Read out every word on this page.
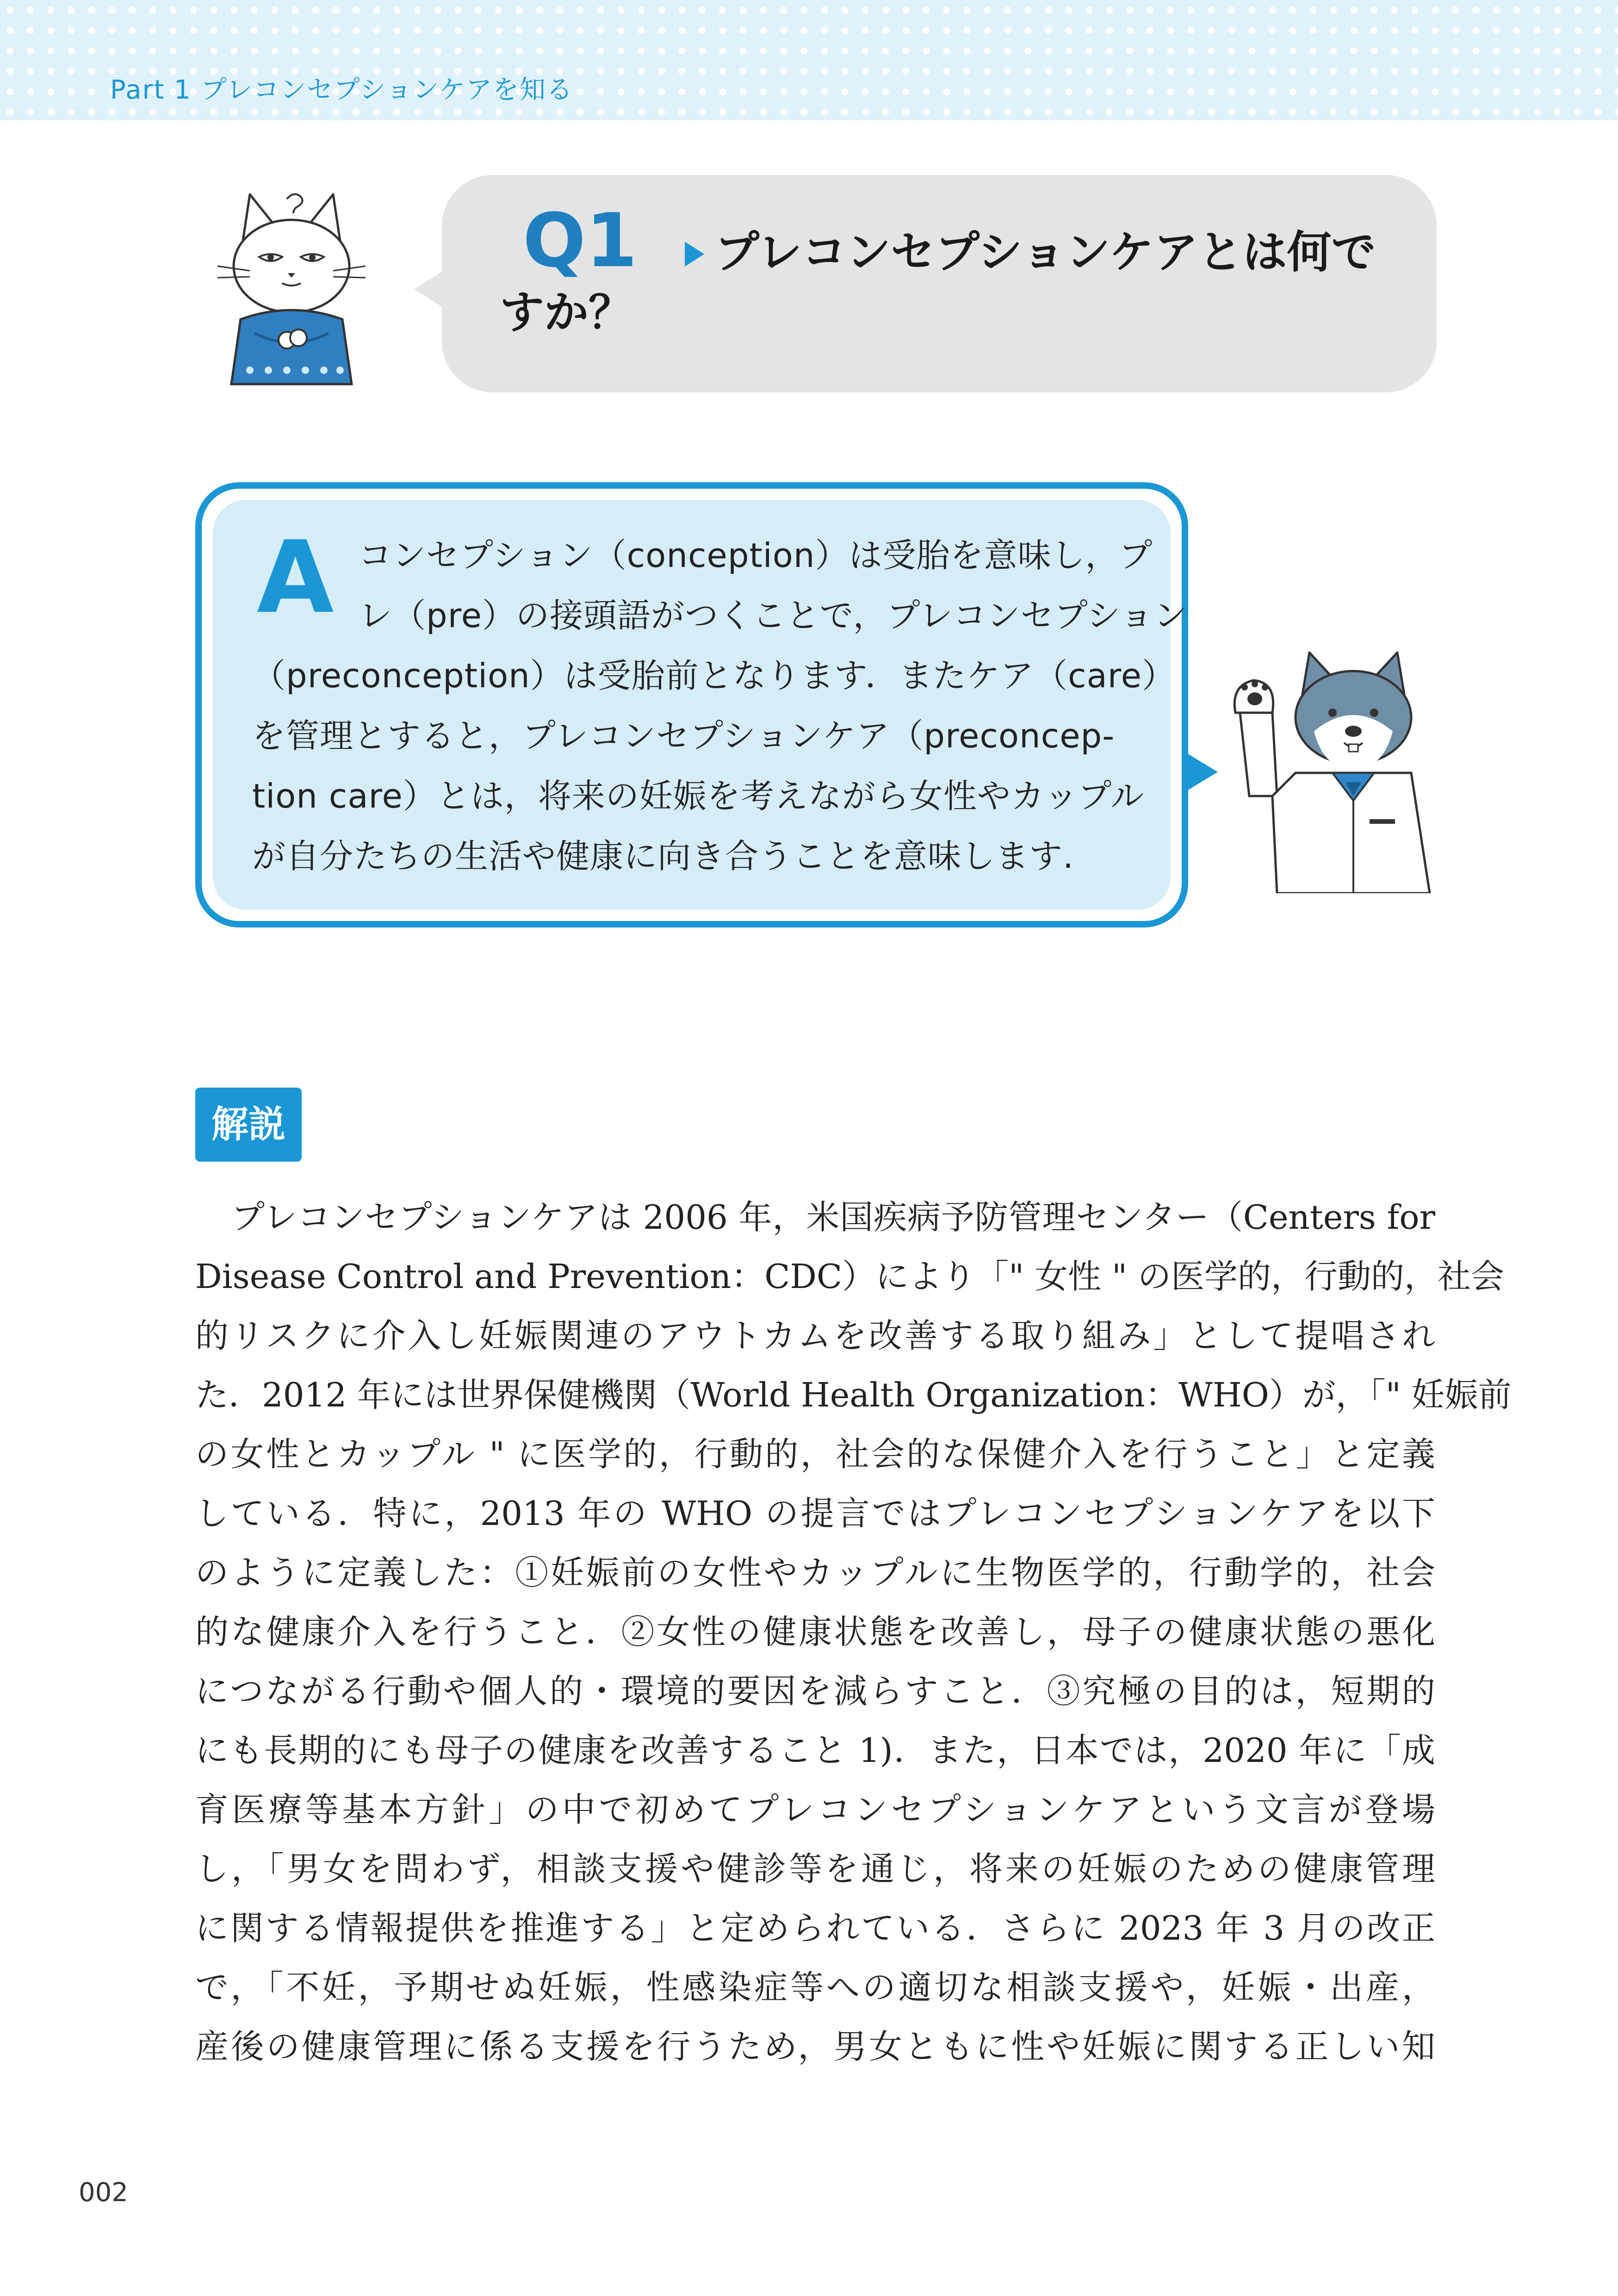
Part 1 プレコンセプションケアを知る
Q1 プレコンセプションケアとは何で
すか？
A コンセプション（conception）は受胎を意味し，プ
レ（pre）の接頭語がつくことで，プレコンセプション
（preconception）は受胎前となります．またケア（care）
を管理とすると，プレコンセプションケア（preconcep-
tion care）とは，将来の妊娠を考えながら女性やカップル
が自分たちの生活や健康に向き合うことを意味します.
解説
プレコンセプションケアは 2006 年，米国疾病予防管理センター（Centers for
Disease Control and Prevention：CDC）により「" 女性 " の医学的，行動的，社会
的リスクに介入し妊娠関連のアウトカムを改善する取り組み」として提唱され
た．2012 年には世界保健機関（World Health Organization：WHO）が，「" 妊娠前
の女性とカップル " に医学的，行動的，社会的な保健介入を行うこと」と定義
している．特に，2013 年の WHO の提言ではプレコンセプションケアを以下
のように定義した：①妊娠前の女性やカップルに生物医学的，行動学的，社会
的な健康介入を行うこと．②女性の健康状態を改善し，母子の健康状態の悪化
につながる行動や個人的・環境的要因を減らすこと．③究極の目的は，短期的
にも長期的にも母子の健康を改善すること 1)．また，日本では，2020 年に「成
育医療等基本方針」の中で初めてプレコンセプションケアという文言が登場
し，「男女を問わず，相談支援や健診等を通じ，将来の妊娠のための健康管理
に関する情報提供を推進する」と定められている．さらに 2023 年 3 月の改正
で，「不妊，予期せぬ妊娠，性感染症等への適切な相談支援や，妊娠・出産，
産後の健康管理に係る支援を行うため，男女ともに性や妊娠に関する正しい知
002
